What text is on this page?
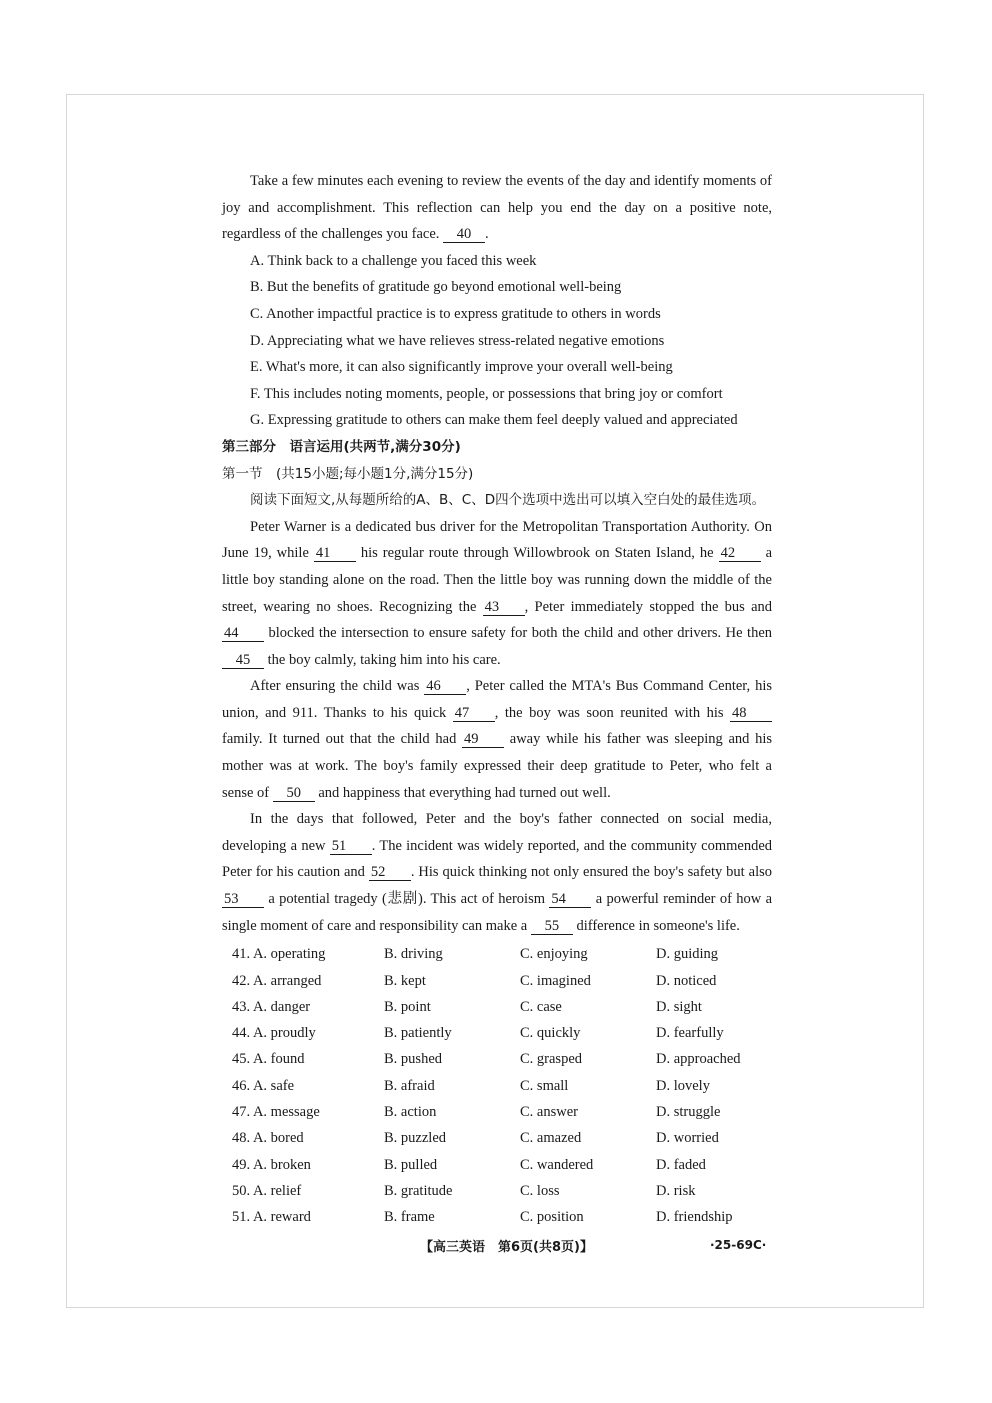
Take a few minutes each evening to review the events of the day and identify moments of
joy and accomplishment. This reflection can help you end the day on a positive note,
regardless of the challenges you face. 40 .
A. Think back to a challenge you faced this week
B. But the benefits of gratitude go beyond emotional well-being
C. Another impactful practice is to express gratitude to others in words
D. Appreciating what we have relieves stress-related negative emotions
E. What's more, it can also significantly improve your overall well-being
F. This includes noting moments, people, or possessions that bring joy or comfort
G. Expressing gratitude to others can make them feel deeply valued and appreciated
第三部分　语言运用(共两节,满分30分)
第一节　(共15小题;每小题1分,满分15分)
阅读下面短文,从每题所给的A、B、C、D四个选项中选出可以填入空白处的最佳选项。
Peter Warner is a dedicated bus driver for the Metropolitan Transportation Authority. On
June 19, while 41 his regular route through Willowbrook on Staten Island, he 42 a
little boy standing alone on the road. Then the little boy was running down the middle of the
street, wearing no shoes. Recognizing the 43 , Peter immediately stopped the bus and
44 blocked the intersection to ensure safety for both the child and other drivers. He then
45 the boy calmly, taking him into his care.
After ensuring the child was 46 , Peter called the MTA's Bus Command Center, his
union, and 911. Thanks to his quick 47 , the boy was soon reunited with his 48
family. It turned out that the child had 49 away while his father was sleeping and his
mother was at work. The boy's family expressed their deep gratitude to Peter, who felt a
sense of 50 and happiness that everything had turned out well.
In the days that followed, Peter and the boy's father connected on social media,
developing a new 51 . The incident was widely reported, and the community commended
Peter for his caution and 52 . His quick thinking not only ensured the boy's safety but also
53 a potential tragedy (悲剧). This act of heroism 54 a powerful reminder of how a
single moment of care and responsibility can make a 55 difference in someone's life.
41. A. operating	B. driving	C. enjoying	D. guiding
42. A. arranged	B. kept	C. imagined	D. noticed
43. A. danger	B. point	C. case	D. sight
44. A. proudly	B. patiently	C. quickly	D. fearfully
45. A. found	B. pushed	C. grasped	D. approached
46. A. safe	B. afraid	C. small	D. lovely
47. A. message	B. action	C. answer	D. struggle
48. A. bored	B. puzzled	C. amazed	D. worried
49. A. broken	B. pulled	C. wandered	D. faded
50. A. relief	B. gratitude	C. loss	D. risk
51. A. reward	B. frame	C. position	D. friendship
【高三英语　第6页(共8页)】	·25-69C·
